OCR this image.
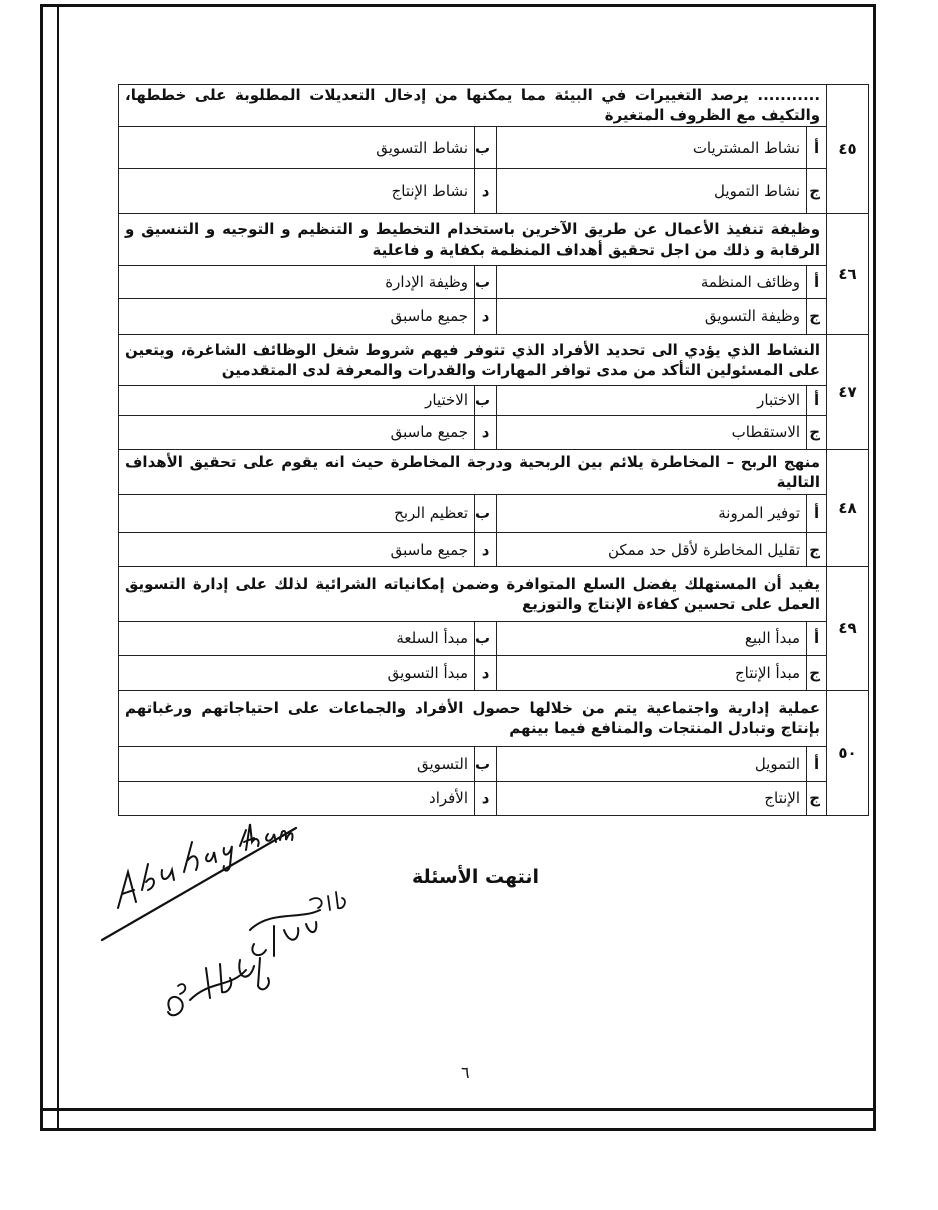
٤٥	........... يرصد التغييرات في البيئة مما يمكنها من إدخال التعديلات المطلوبة على خططها، والتكيف مع الظروف المتغيرة			
	أ	نشاط المشتريات	ب	نشاط التسويق
	ج	نشاط التمويل	د	نشاط الإنتاج
٤٦	وظيفة تنفيذ الأعمال عن طريق الآخرين باستخدام التخطيط و التنظيم و التوجيه و التنسيق و الرقابة و ذلك من اجل تحقيق أهداف المنظمة بكفاية و فاعلية			
	أ	وظائف المنظمة	ب	وظيفة الإدارة
	ج	وظيفة التسويق	د	جميع ماسبق
٤٧	النشاط الذي يؤدي الى تحديد الأفراد الذي تتوفر فيهم شروط شغل الوظائف الشاغرة، ويتعين على المسئولين التأكد من مدى توافر المهارات والقدرات والمعرفة لدى المتقدمين			
	أ	الاختبار	ب	الاختيار
	ج	الاستقطاب	د	جميع ماسبق
٤٨	منهج الربح – المخاطرة يلائم بين الربحية ودرجة المخاطرة حيث انه يقوم على تحقيق الأهداف التالية			
	أ	توفير المرونة	ب	تعظيم الربح
	ج	تقليل المخاطرة لأقل حد ممكن	د	جميع ماسبق
٤٩	يفيد أن المستهلك يفضل السلع المتوافرة وضمن إمكانياته الشرائية لذلك على إدارة التسويق العمل على تحسين كفاءة الإنتاج والتوزيع			
	أ	مبدأ البيع	ب	مبدأ السلعة
	ج	مبدأ الإنتاج	د	مبدأ التسويق
٥٠	عملية إدارية واجتماعية يتم من خلالها حصول الأفراد والجماعات على احتياجاتهم ورغباتهم بإنتاج وتبادل المنتجات والمنافع فيما بينهم			
	أ	التمويل	ب	التسويق
	ج	الإنتاج	د	الأفراد
انتهت الأسئلة
٦
